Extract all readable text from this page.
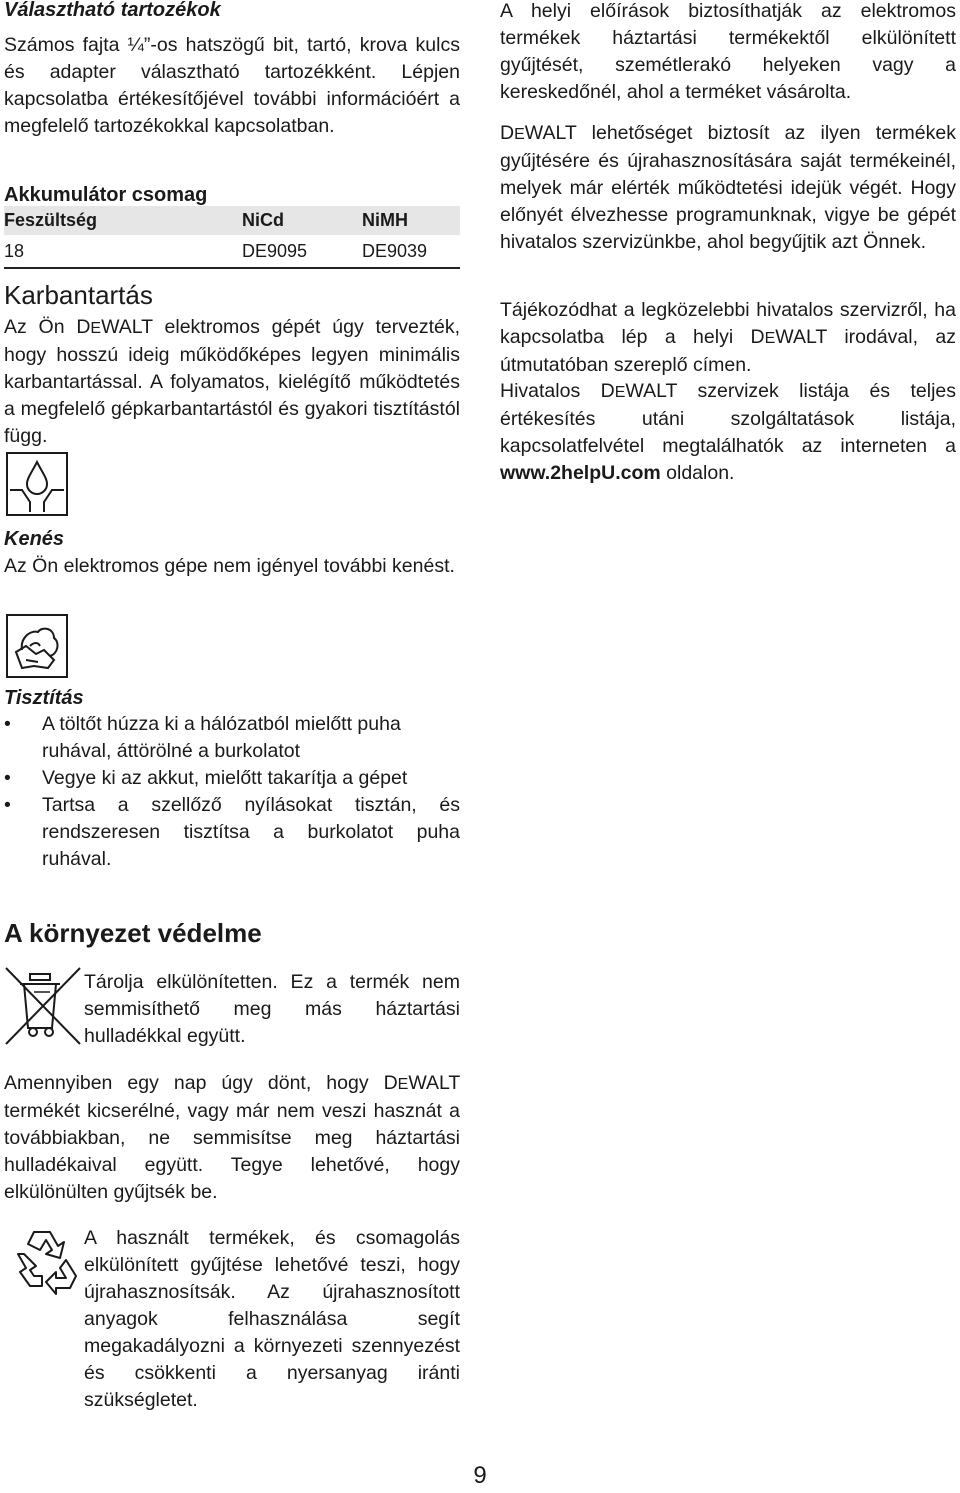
Választható tartozékok

Számos fajta ¼”-os hatszögű bit, tartó, krova kulcs és adapter választható tartozékként. Lépjen kapcsolatba értékesítőjével további információért a megfelelő tartozékokkal kapcsolatban.

Akkumulátor csomag
Feszültség	NiCd	NiMH
18	DE9095	DE9039
Karbantartás

Az Ön DEWALT elektromos gépét úgy tervezték, hogy hosszú ideig működőképes legyen minimális karbantartással. A folyamatos, kielégítő működtetés a megfelelő gépkarbantartástól és gyakori tisztítástól függ.

Kenés

Az Ön elektromos gépe nem igényel további kenést.

Tisztítás
• A töltőt húzza ki a hálózatból mielőtt puha ruhával, áttörölné a burkolatot
• Vegye ki az akkut, mielőtt takarítja a gépet
• Tartsa a szellőző nyílásokat tisztán, és rendszeresen tisztítsa a burkolatot puha ruhával.
A környezet védelme

Tárolja elkülönítetten. Ez a termék nem semmisíthető meg más háztartási hulladékkal együtt.

Amennyiben egy nap úgy dönt, hogy DEWALT termékét kicserélné, vagy már nem veszi hasznát a továbbiakban, ne semmisítse meg háztartási hulladékaival együtt. Tegye lehetővé, hogy elkülönülten gyűjtsék be.

A használt termékek, és csomagolás elkülönített gyűjtése lehetővé teszi, hogy újrahasznosítsák. Az újrahasznosított anyagok felhasználása segít megakadályozni a környezeti szennyezést és csökkenti a nyersanyag iránti szükségletet.

A helyi előírások biztosíthatják az elektromos termékek háztartási termékektől elkülönített gyűjtését, szemétlerakó helyeken vagy a kereskedőnél, ahol a terméket vásárolta.

DEWALT lehetőséget biztosít az ilyen termékek gyűjtésére és újrahasznosítására saját termékeinél, melyek már elérték működtetési idejük végét. Hogy előnyét élvezhesse programunknak, vigye be gépét hivatalos szervizünkbe, ahol begyűjtik azt Önnek.

Tájékozódhat a legközelebbi hivatalos szervizről, ha kapcsolatba lép a helyi DEWALT irodával, az útmutatóban szereplő címen.

Hivatalos DEWALT szervizek listája és teljes értékesítés utáni szolgáltatások listája, kapcsolatfelvétel megtalálhatók az interneten a www.2helpU.com oldalon.

9
